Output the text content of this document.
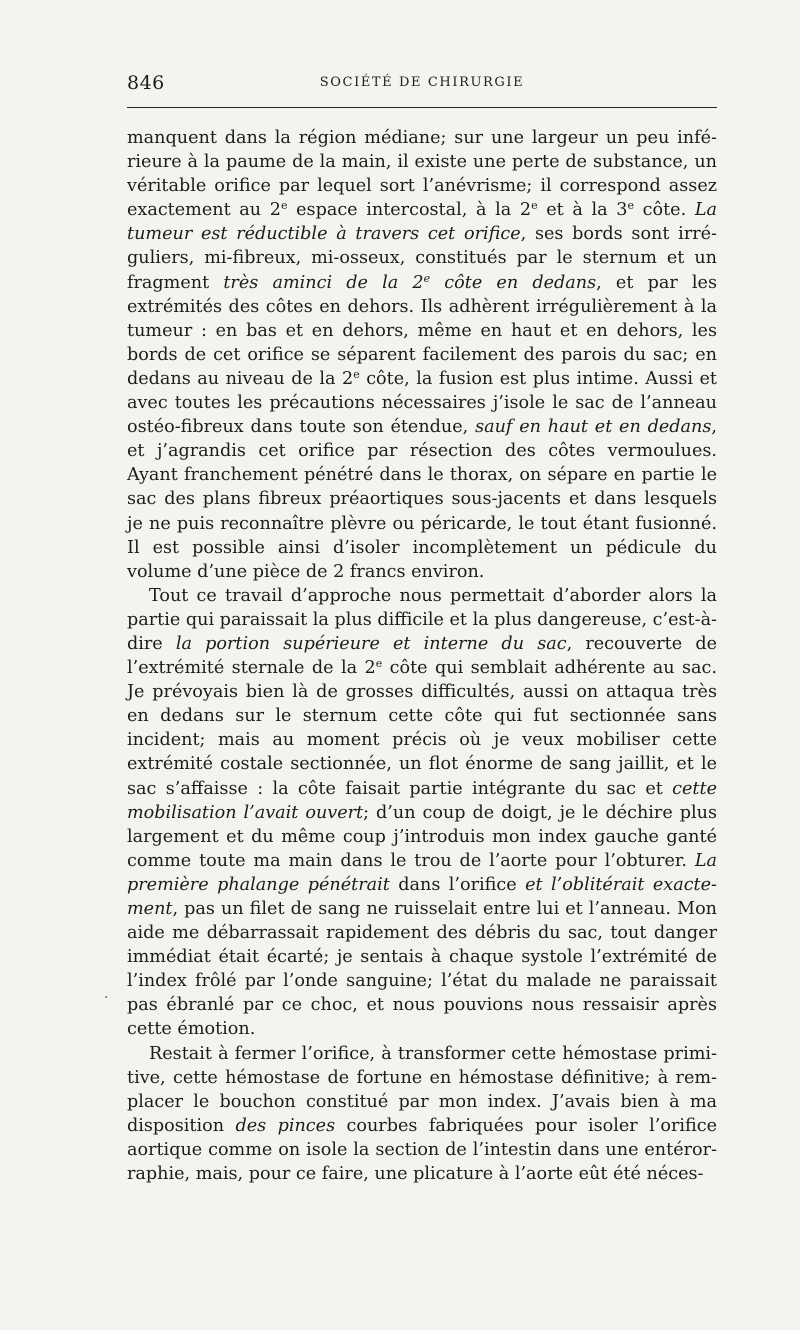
846	SOCIÉTÉ DE CHIRURGIE
·

manquent dans la région médiane; sur une largeur un peu inférieure à la paume de la main, il existe une perte de substance, un véritable orifice par lequel sort l’anévrisme; il correspond assez exactement au 2e espace intercostal, à la 2e et à la 3e côte. La tumeur est réductible à travers cet orifice, ses bords sont irréguliers, mi-fibreux, mi-osseux, constitués par le sternum et un fragment très aminci de la 2e côte en dedans, et par les extrémités des côtes en dehors. Ils adhèrent irrégulièrement à la tumeur : en bas et en dehors, même en haut et en dehors, les bords de cet orifice se séparent facilement des parois du sac; en dedans au niveau de la 2e côte, la fusion est plus intime. Aussi et avec toutes les précautions nécessaires j’isole le sac de l’anneau ostéo-fibreux dans toute son étendue, sauf en haut et en dedans, et j’agrandis cet orifice par résection des côtes vermoulues. Ayant franchement pénétré dans le thorax, on sépare en partie le sac des plans fibreux préaortiques sous-jacents et dans lesquels je ne puis reconnaître plèvre ou péricarde, le tout étant fusionné. Il est possible ainsi d’isoler incomplètement un pédicule du volume d’une pièce de 2 francs environ.

Tout ce travail d’approche nous permettait d’aborder alors la partie qui paraissait la plus difficile et la plus dangereuse, c’est-à-dire la portion supérieure et interne du sac, recouverte de l’extrémité sternale de la 2e côte qui semblait adhérente au sac. Je prévoyais bien là de grosses difficultés, aussi on attaqua très en dedans sur le sternum cette côte qui fut sectionnée sans incident; mais au moment précis où je veux mobiliser cette extrémité costale sectionnée, un flot énorme de sang jaillit, et le sac s’affaisse : la côte faisait partie intégrante du sac et cette mobilisation l’avait ouvert; d’un coup de doigt, je le déchire plus largement et du même coup j’introduis mon index gauche ganté comme toute ma main dans le trou de l’aorte pour l’obturer. La première phalange pénétrait dans l’orifice et l’oblitérait exactement, pas un filet de sang ne ruisselait entre lui et l’anneau. Mon aide me débarrassait rapidement des débris du sac, tout danger immédiat était écarté; je sentais à chaque systole l’extrémité de l’index frôlé par l’onde sanguine; l’état du malade ne paraissait pas ébranlé par ce choc, et nous pouvions nous ressaisir après cette émotion.

Restait à fermer l’orifice, à transformer cette hémostase primitive, cette hémostase de fortune en hémostase définitive; à remplacer le bouchon constitué par mon index. J’avais bien à ma disposition des pinces courbes fabriquées pour isoler l’orifice aortique comme on isole la section de l’intestin dans une entérorraphie, mais, pour ce faire, une plicature à l’aorte eût été néces-
